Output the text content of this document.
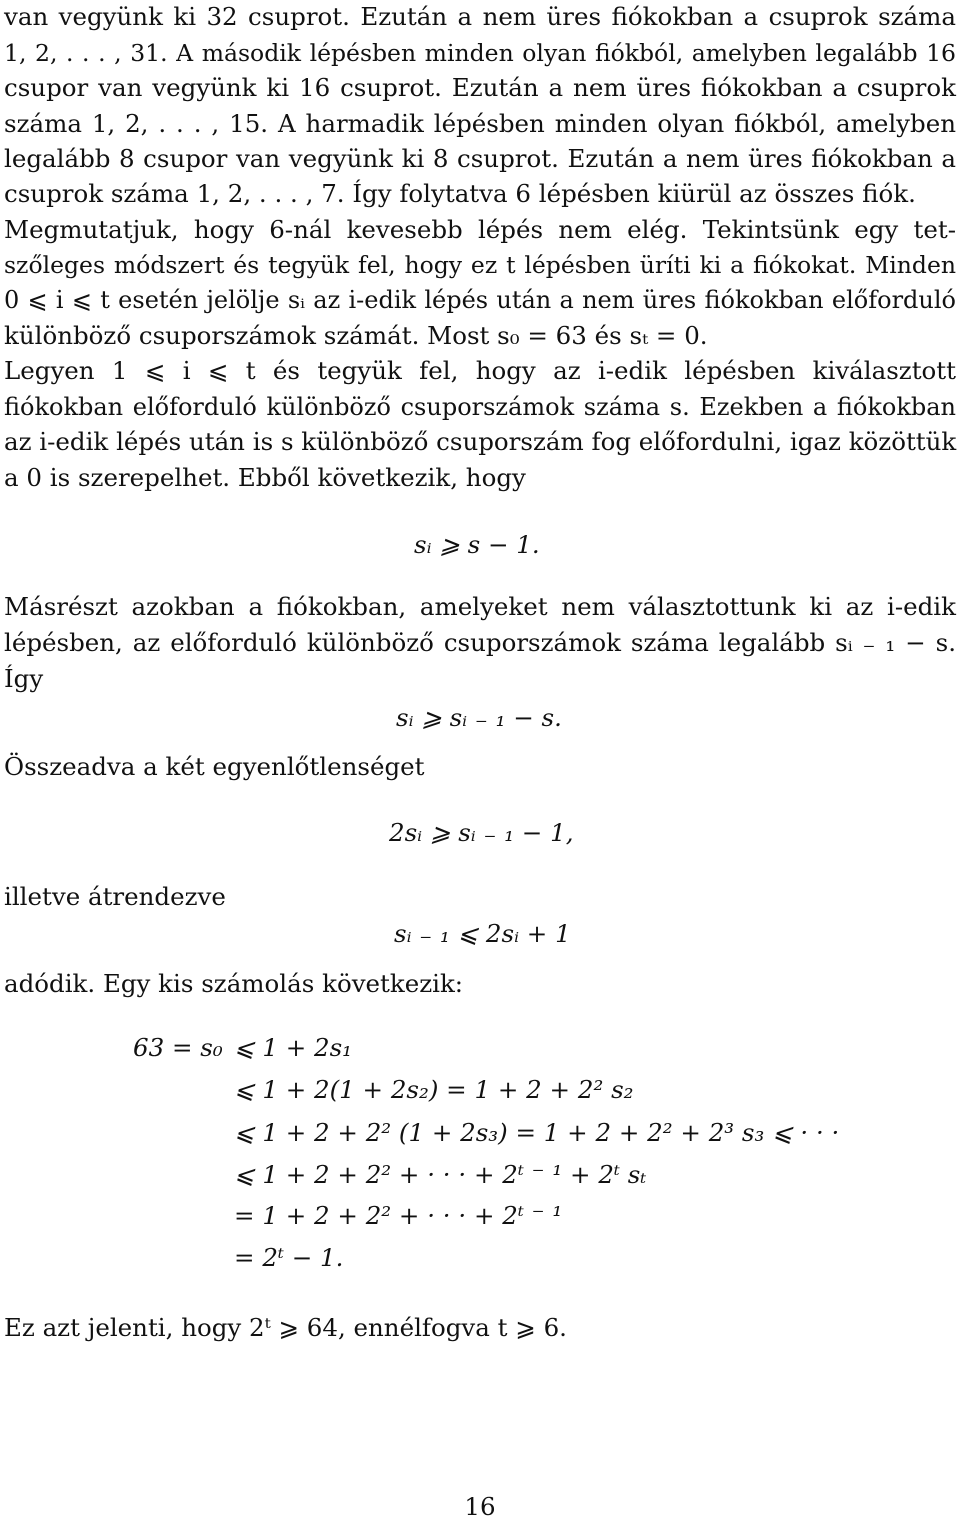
van vegyünk ki 32 csuprot. Ezután a nem üres fiókokban a csuprok száma

1, 2, . . . , 31. A második lépésben minden olyan fiókból, amelyben legalább 16

csupor van vegyünk ki 16 csuprot. Ezután a nem üres fiókokban a csuprok

száma 1, 2, . . . , 15. A harmadik lépésben minden olyan fiókból, amelyben

legalább 8 csupor van vegyünk ki 8 csuprot. Ezután a nem üres fiókokban a

csuprok száma 1, 2, . . . , 7. Így folytatva 6 lépésben kiürül az összes fiók.

Megmutatjuk, hogy 6-nál kevesebb lépés nem elég. Tekintsünk egy tet-

szőleges módszert és tegyük fel, hogy ez t lépésben üríti ki a fiókokat. Minden

0 ⩽ i ⩽ t esetén jelölje sᵢ az i-edik lépés után a nem üres fiókokban előforduló

különböző csuporszámok számát. Most s₀ = 63 és sₜ = 0.

Legyen 1 ⩽ i ⩽ t és tegyük fel, hogy az i-edik lépésben kiválasztott

fiókokban előforduló különböző csuporszámok száma s. Ezekben a fiókokban

az i-edik lépés után is s különböző csuporszám fog előfordulni, igaz közöttük

a 0 is szerepelhet. Ebből következik, hogy

sᵢ ⩾ s − 1.

Másrészt azokban a fiókokban, amelyeket nem választottunk ki az i-edik

lépésben, az előforduló különböző csuporszámok száma legalább sᵢ ₋ ₁ − s.

Így

sᵢ ⩾ sᵢ ₋ ₁ − s.

Összeadva a két egyenlőtlenséget

2sᵢ ⩾ sᵢ ₋ ₁ − 1,

illetve átrendezve

sᵢ ₋ ₁ ⩽ 2sᵢ + 1

adódik. Egy kis számolás következik:

63 = s₀ ⩽ 1 + 2s₁

⩽ 1 + 2(1 + 2s₂) = 1 + 2 + 2² s₂

⩽ 1 + 2 + 2² (1 + 2s₃) = 1 + 2 + 2² + 2³ s₃ ⩽ · · ·

⩽ 1 + 2 + 2² + · · · + 2ᵗ ⁻ ¹ + 2ᵗ sₜ

= 1 + 2 + 2² + · · · + 2ᵗ ⁻ ¹

= 2ᵗ − 1.

Ez azt jelenti, hogy 2ᵗ ⩾ 64, ennélfogva t ⩾ 6.

16
